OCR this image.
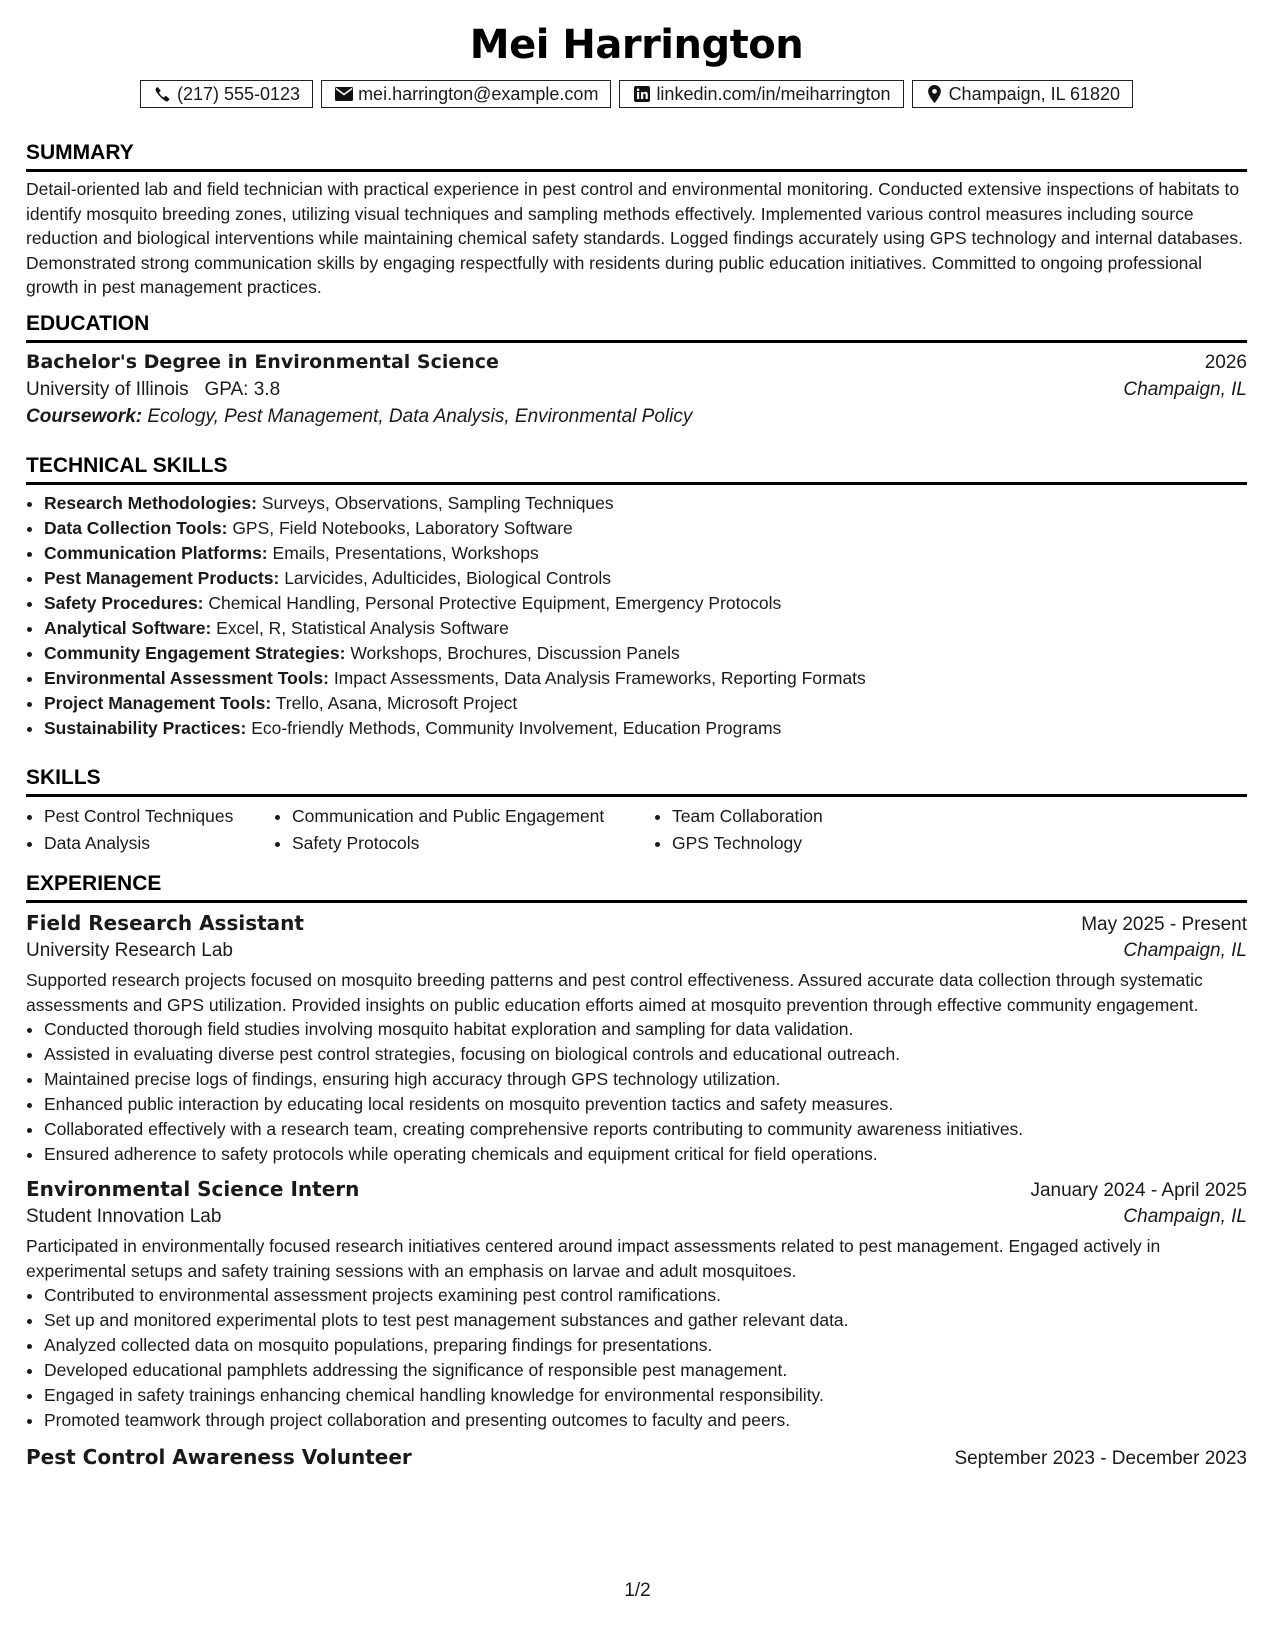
Mei Harrington
(217) 555-0123	mei.harrington@example.com	linkedin.com/in/meiharrington	Champaign, IL 61820
SUMMARY
Detail-oriented lab and field technician with practical experience in pest control and environmental monitoring. Conducted extensive inspections of habitats to identify mosquito breeding zones, utilizing visual techniques and sampling methods effectively. Implemented various control measures including source reduction and biological interventions while maintaining chemical safety standards. Logged findings accurately using GPS technology and internal databases. Demonstrated strong communication skills by engaging respectfully with residents during public education initiatives. Committed to ongoing professional growth in pest management practices.
EDUCATION
Bachelor's Degree in Environmental Science	2026
University of Illinois GPA: 3.8	Champaign, IL
Coursework: Ecology, Pest Management, Data Analysis, Environmental Policy
TECHNICAL SKILLS
• Research Methodologies: Surveys, Observations, Sampling Techniques
• Data Collection Tools: GPS, Field Notebooks, Laboratory Software
• Communication Platforms: Emails, Presentations, Workshops
• Pest Management Products: Larvicides, Adulticides, Biological Controls
• Safety Procedures: Chemical Handling, Personal Protective Equipment, Emergency Protocols
• Analytical Software: Excel, R, Statistical Analysis Software
• Community Engagement Strategies: Workshops, Brochures, Discussion Panels
• Environmental Assessment Tools: Impact Assessments, Data Analysis Frameworks, Reporting Formats
• Project Management Tools: Trello, Asana, Microsoft Project
• Sustainability Practices: Eco-friendly Methods, Community Involvement, Education Programs
SKILLS
• Pest Control Techniques
• Data Analysis
• Communication and Public Engagement
• Safety Protocols
• Team Collaboration
• GPS Technology
EXPERIENCE
Field Research Assistant	May 2025 - Present
University Research Lab	Champaign, IL
Supported research projects focused on mosquito breeding patterns and pest control effectiveness. Assured accurate data collection through systematic assessments and GPS utilization. Provided insights on public education efforts aimed at mosquito prevention through effective community engagement.
• Conducted thorough field studies involving mosquito habitat exploration and sampling for data validation.
• Assisted in evaluating diverse pest control strategies, focusing on biological controls and educational outreach.
• Maintained precise logs of findings, ensuring high accuracy through GPS technology utilization.
• Enhanced public interaction by educating local residents on mosquito prevention tactics and safety measures.
• Collaborated effectively with a research team, creating comprehensive reports contributing to community awareness initiatives.
• Ensured adherence to safety protocols while operating chemicals and equipment critical for field operations.
Environmental Science Intern	January 2024 - April 2025
Student Innovation Lab	Champaign, IL
Participated in environmentally focused research initiatives centered around impact assessments related to pest management. Engaged actively in experimental setups and safety training sessions with an emphasis on larvae and adult mosquitoes.
• Contributed to environmental assessment projects examining pest control ramifications.
• Set up and monitored experimental plots to test pest management substances and gather relevant data.
• Analyzed collected data on mosquito populations, preparing findings for presentations.
• Developed educational pamphlets addressing the significance of responsible pest management.
• Engaged in safety trainings enhancing chemical handling knowledge for environmental responsibility.
• Promoted teamwork through project collaboration and presenting outcomes to faculty and peers.
Pest Control Awareness Volunteer	September 2023 - December 2023
1/2
